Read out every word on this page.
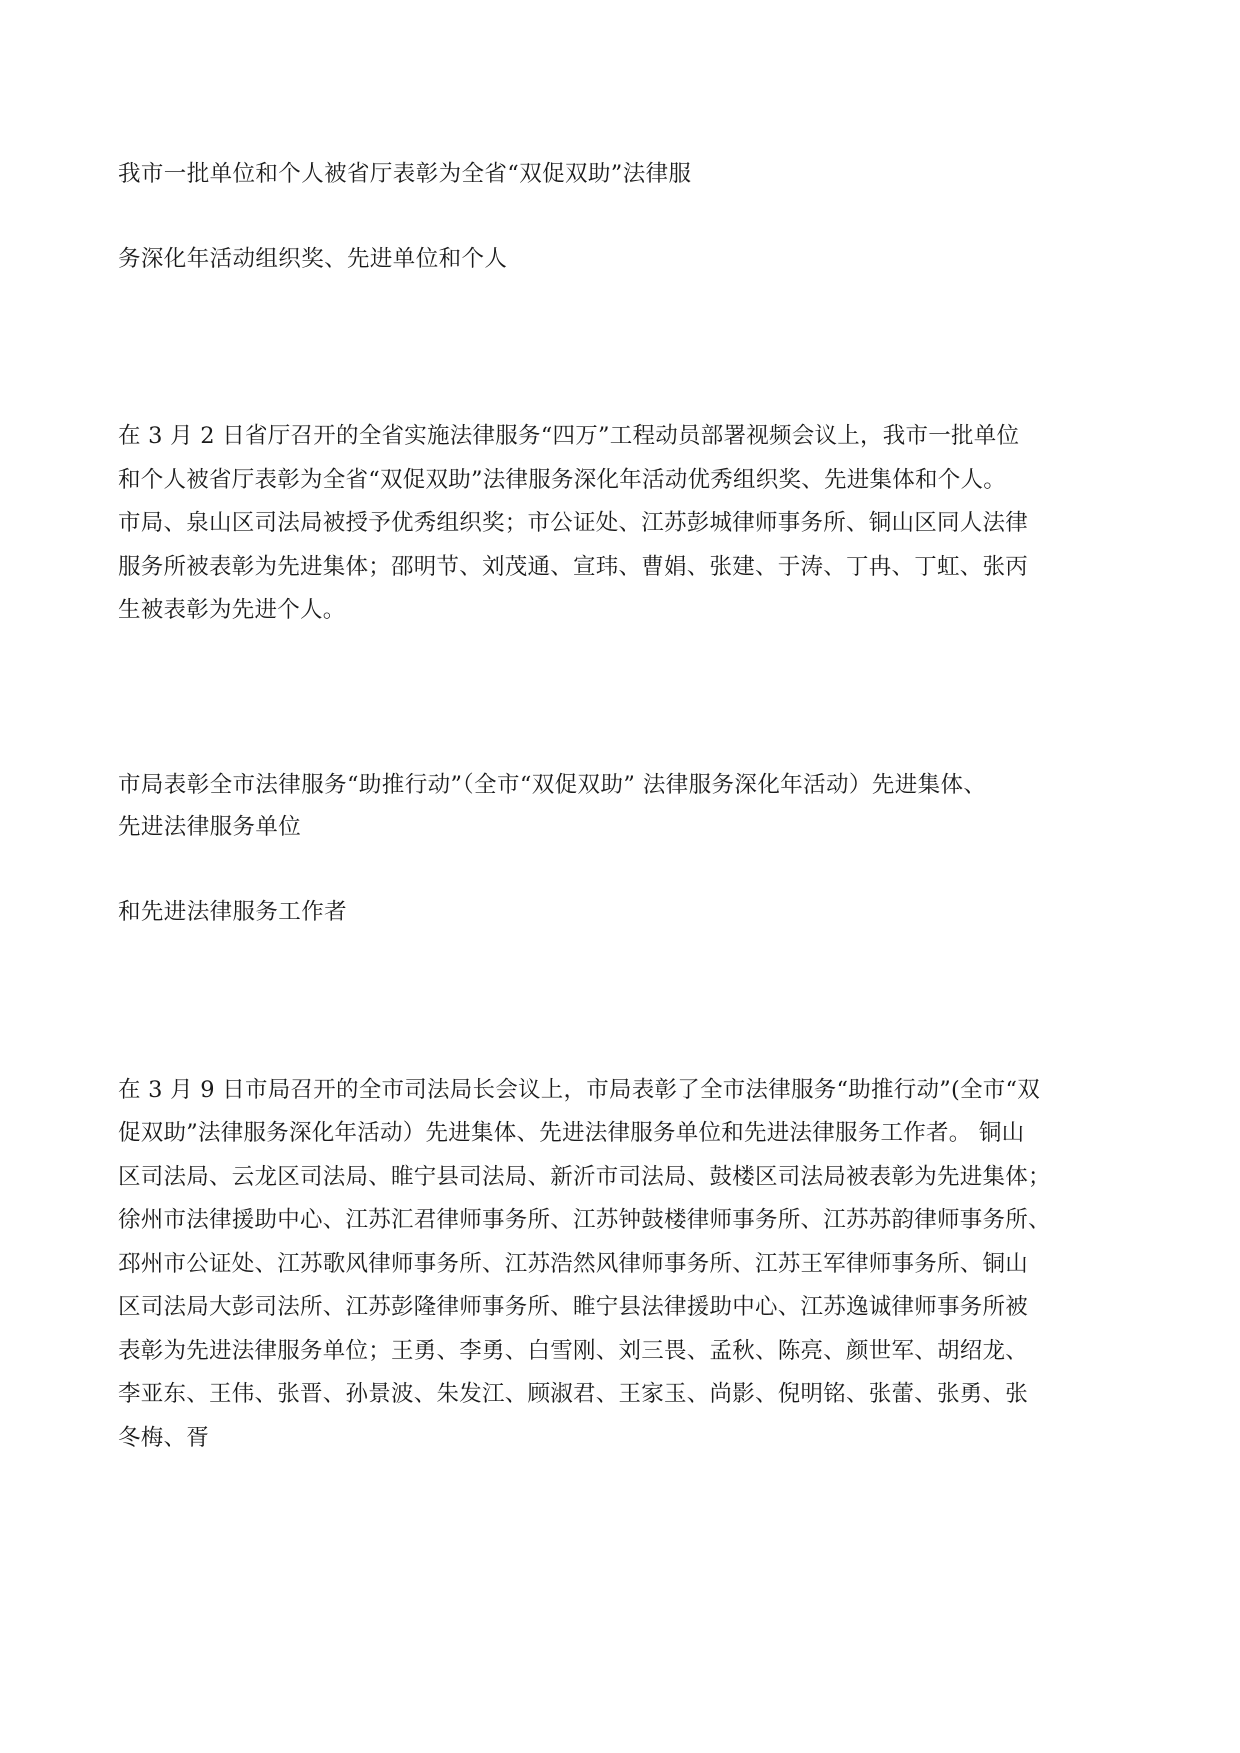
我市一批单位和个人被省厅表彰为全省“双促双助”法律服

务深化年活动组织奖、先进单位和个人

在 3 月 2 日省厅召开的全省实施法律服务“四万”工程动员部署视频会议上，我市一批单位

和个人被省厅表彰为全省“双促双助”法律服务深化年活动优秀组织奖、先进集体和个人。

市局、泉山区司法局被授予优秀组织奖；市公证处、江苏彭城律师事务所、铜山区同人法律

服务所被表彰为先进集体；邵明节、刘茂通、宣玮、曹娟、张建、于涛、丁冉、丁虹、张丙

生被表彰为先进个人。

市局表彰全市法律服务“助推行动”（全市“双促双助” 法律服务深化年活动）先进集体、

先进法律服务单位

和先进法律服务工作者

在 3 月 9 日市局召开的全市司法局长会议上，市局表彰了全市法律服务“助推行动”(全市“双

促双助”法律服务深化年活动）先进集体、先进法律服务单位和先进法律服务工作者。 铜山

区司法局、云龙区司法局、睢宁县司法局、新沂市司法局、鼓楼区司法局被表彰为先进集体；

徐州市法律援助中心、江苏汇君律师事务所、江苏钟鼓楼律师事务所、江苏苏韵律师事务所、

邳州市公证处、江苏歌风律师事务所、江苏浩然风律师事务所、江苏王军律师事务所、铜山

区司法局大彭司法所、江苏彭隆律师事务所、睢宁县法律援助中心、江苏逸诚律师事务所被

表彰为先进法律服务单位；王勇、李勇、白雪刚、刘三畏、孟秋、陈亮、颜世军、胡绍龙、

李亚东、王伟、张晋、孙景波、朱发江、顾淑君、王家玉、尚影、倪明铭、张蕾、张勇、张

冬梅、胥
